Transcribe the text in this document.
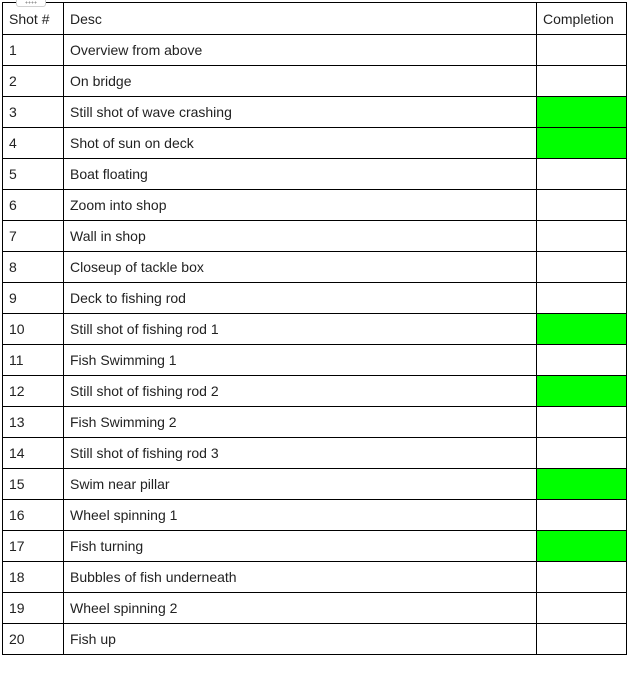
Shot #	Desc	Completion
1	Overview from above	
2	On bridge	
3	Still shot of wave crashing	
4	Shot of sun on deck	
5	Boat floating	
6	Zoom into shop	
7	Wall in shop	
8	Closeup of tackle box	
9	Deck to fishing rod	
10	Still shot of fishing rod 1	
11	Fish Swimming 1	
12	Still shot of fishing rod 2	
13	Fish Swimming 2	
14	Still shot of fishing rod 3	
15	Swim near pillar	
16	Wheel spinning 1	
17	Fish turning	
18	Bubbles of fish underneath	
19	Wheel spinning 2	
20	Fish up	
